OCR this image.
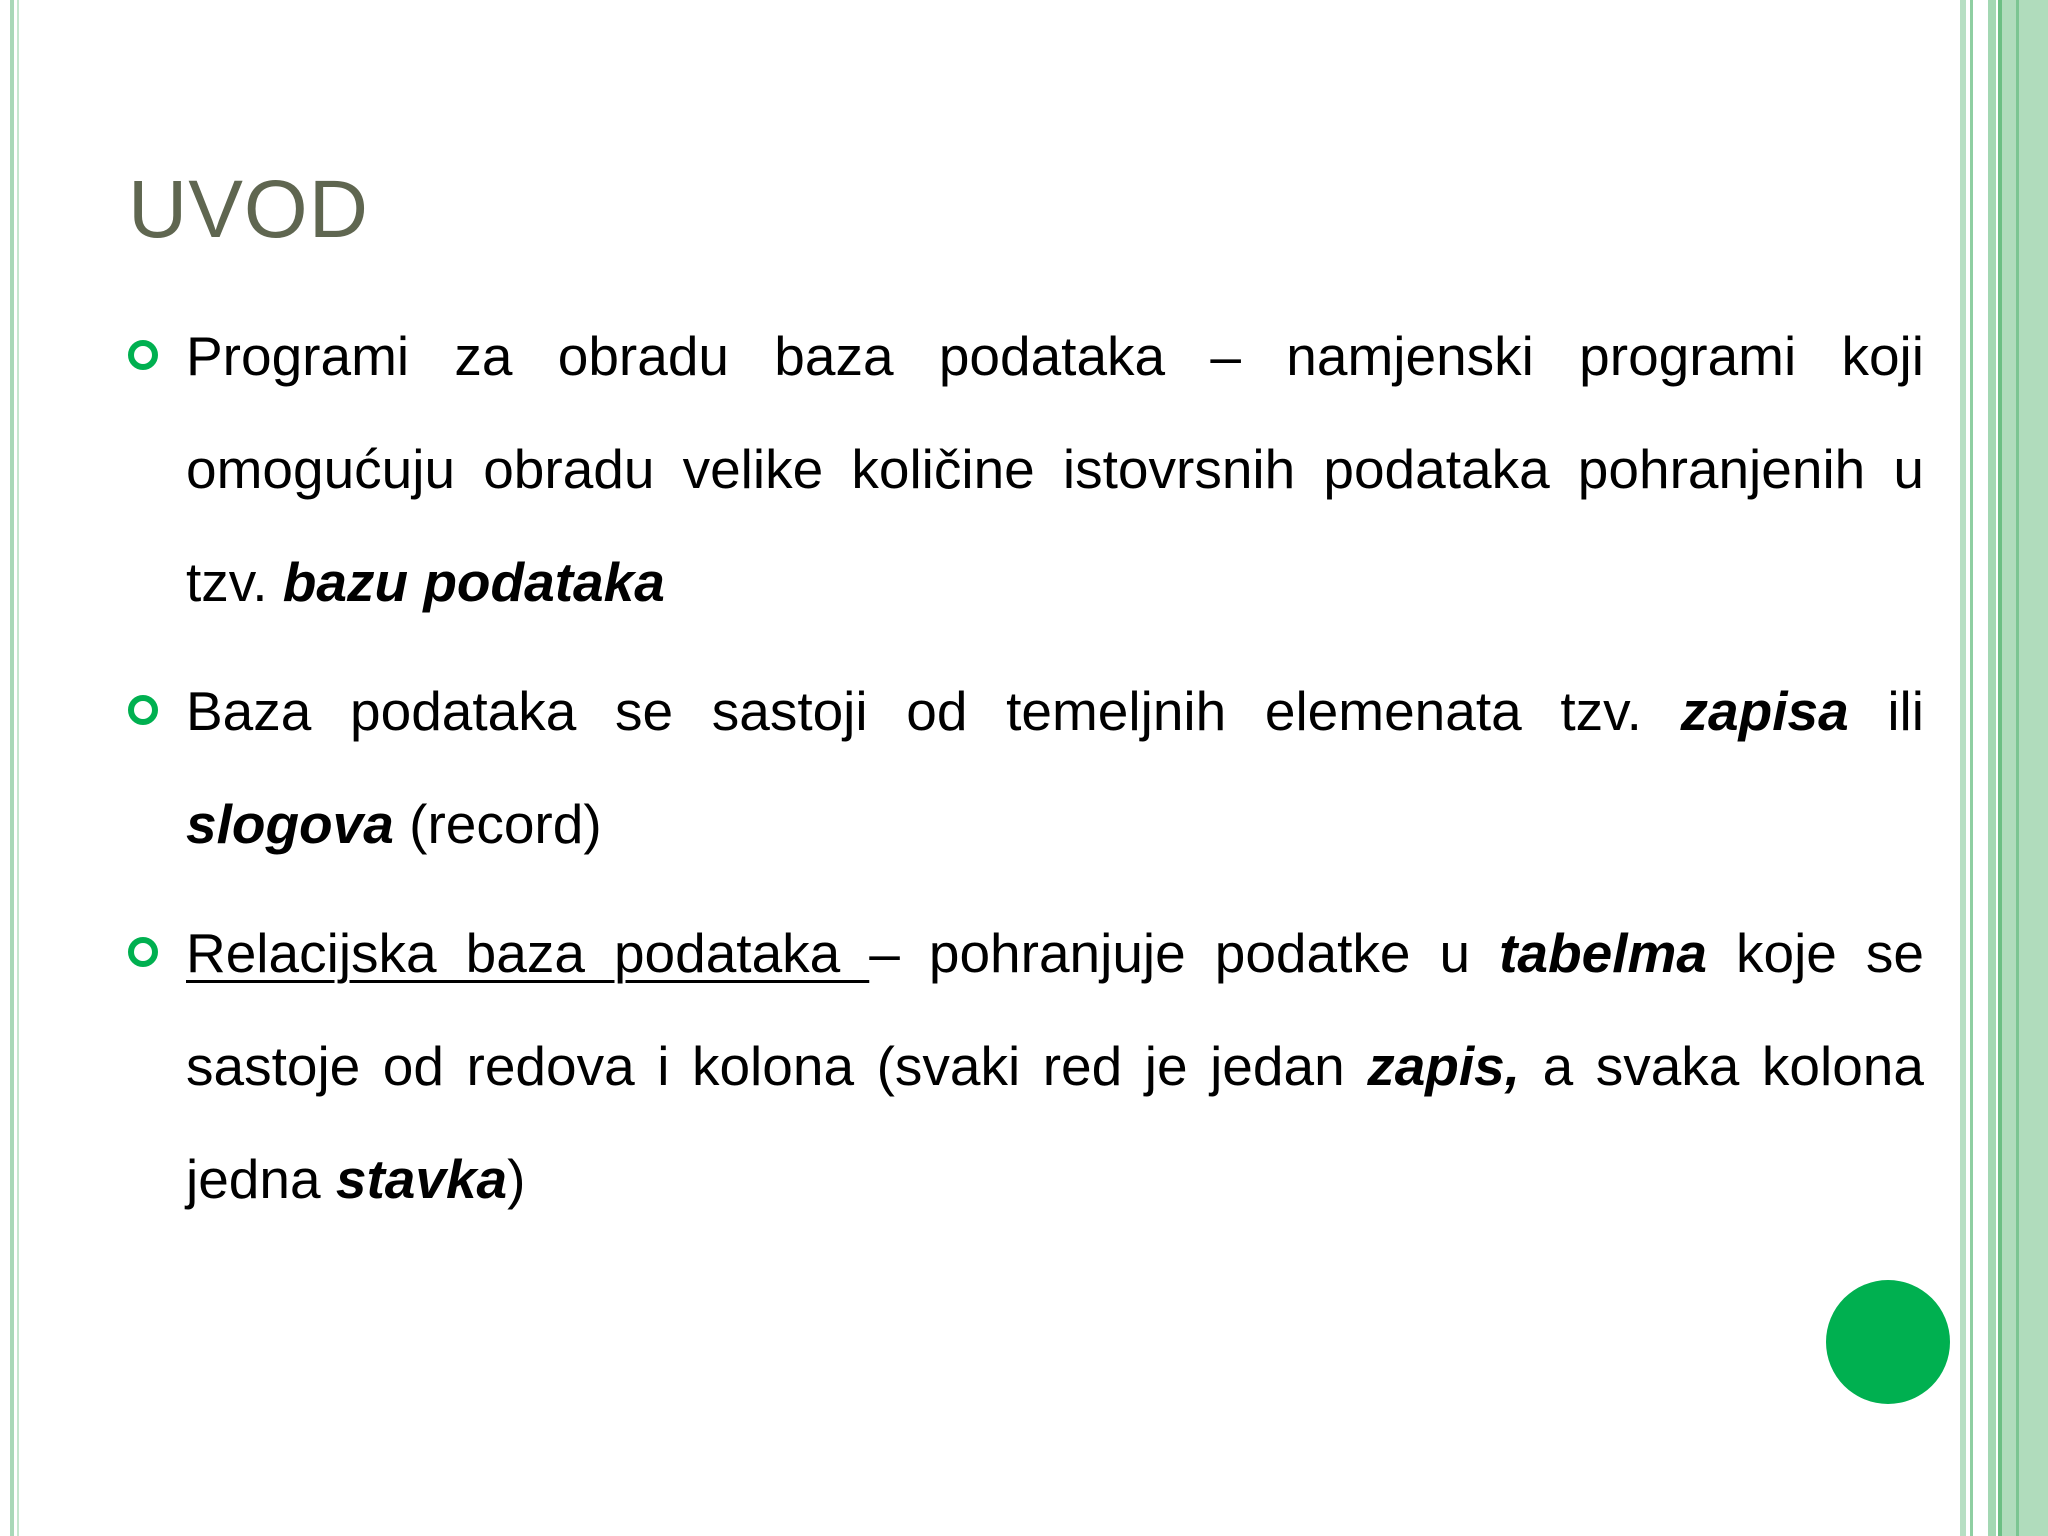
UVOD
Programi za obradu baza podataka – namjenski programi koji omogućuju obradu velike količine istovrsnih podataka pohranjenih u tzv. bazu podataka
Baza podataka se sastoji od temeljnih elemenata tzv. zapisa ili slogova (record)
Relacijska baza podataka – pohranjuje podatke u tabelma koje se sastoje od redova i kolona (svaki red je jedan zapis, a svaka kolona jedna stavka)
